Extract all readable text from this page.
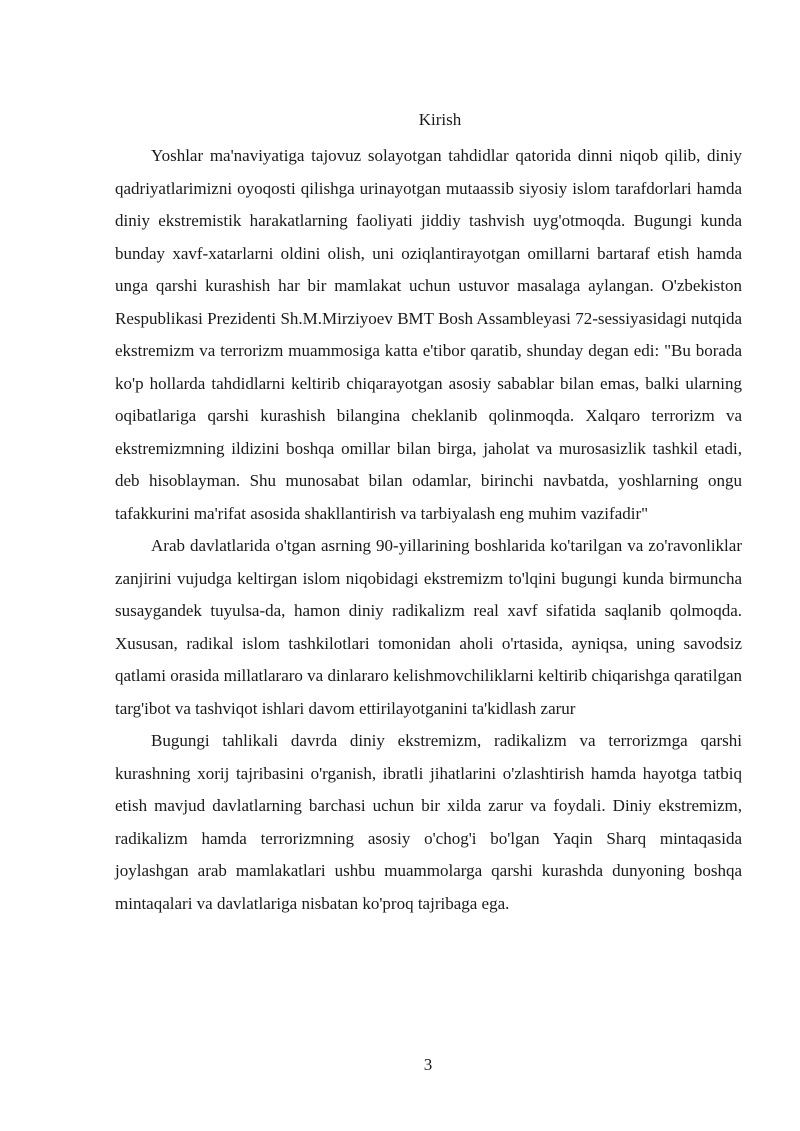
Kirish

Yoshlar ma'naviyatiga tajovuz solayotgan tahdidlar qatorida dinni niqob qilib, diniy qadriyatlarimizni oyoqosti qilishga urinayotgan mutaassib siyosiy islom tarafdorlari hamda diniy ekstremistik harakatlarning faoliyati jiddiy tashvish uyg'otmoqda. Bugungi kunda bunday xavf-xatarlarni oldini olish, uni oziqlantirayotgan omillarni bartaraf etish hamda unga qarshi kurashish har bir mamlakat uchun ustuvor masalaga aylangan. O'zbekiston Respublikasi Prezidenti Sh.M.Mirziyoev BMT Bosh Assambleyasi 72-sessiyasidagi nutqida ekstremizm va terrorizm muammosiga katta e'tibor qaratib, shunday degan edi: "Bu borada ko'p hollarda tahdidlarni keltirib chiqarayotgan asosiy sabablar bilan emas, balki ularning oqibatlariga qarshi kurashish bilangina cheklanib qolinmoqda. Xalqaro terrorizm va ekstremizmning ildizini boshqa omillar bilan birga, jaholat va murosasizlik tashkil etadi, deb hisoblayman. Shu munosabat bilan odamlar, birinchi navbatda, yoshlarning ongu tafakkurini ma'rifat asosida shakllantirish va tarbiyalash eng muhim vazifadir"

Arab davlatlarida o'tgan asrning 90-yillarining boshlarida ko'tarilgan va zo'ravonliklar zanjirini vujudga keltirgan islom niqobidagi ekstremizm to'lqini bugungi kunda birmuncha susaygandek tuyulsa-da, hamon diniy radikalizm real xavf sifatida saqlanib qolmoqda. Xususan, radikal islom tashkilotlari tomonidan aholi o'rtasida, ayniqsa, uning savodsiz qatlami orasida millatlararo va dinlararo kelishmovchiliklarni keltirib chiqarishga qaratilgan targ'ibot va tashviqot ishlari davom ettirilayotganini ta'kidlash zarur

Bugungi tahlikali davrda diniy ekstremizm, radikalizm va terrorizmga qarshi kurashning xorij tajribasini o'rganish, ibratli jihatlarini o'zlashtirish hamda hayotga tatbiq etish mavjud davlatlarning barchasi uchun bir xilda zarur va foydali. Diniy ekstremizm, radikalizm hamda terrorizmning asosiy o'chog'i bo'lgan Yaqin Sharq mintaqasida joylashgan arab mamlakatlari ushbu muammolarga qarshi kurashda dunyoning boshqa mintaqalari va davlatlariga nisbatan ko'proq tajribaga ega.

3
